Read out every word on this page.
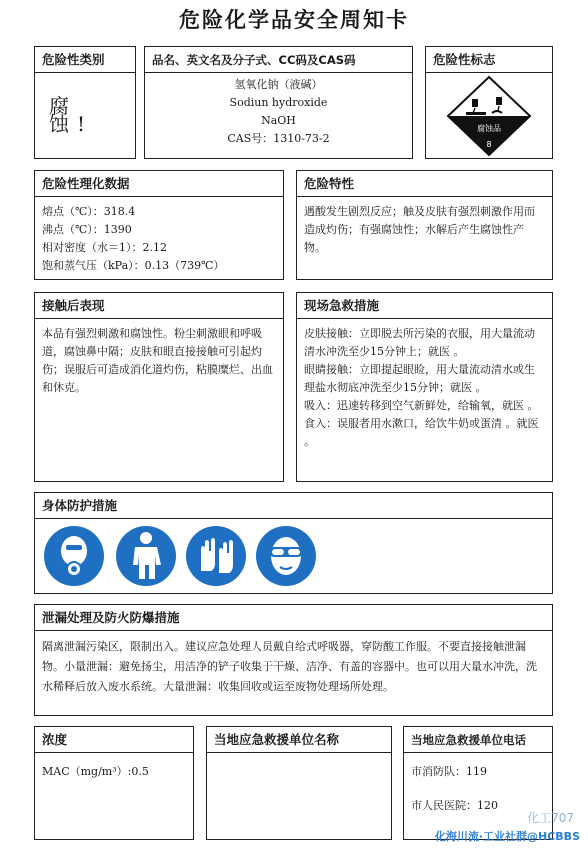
危险化学品安全周知卡
危险性类别
腐 蚀!
品名、英文名及分子式、CC码及CAS码
氢氧化钠（液碱）
Sodiun hydroxide
NaOH
CAS号：1310-73-2
危险性标志
腐蚀品
8
危险性理化数据
熔点（℃）：318.4
沸点（℃）：1390
相对密度（水＝1）：2.12
饱和蒸气压（kPa）：0.13（739℃）
危险特性
遇酸发生剧烈反应；触及皮肤有强烈刺激作用而造成灼伤；有强腐蚀性；水解后产生腐蚀性产物。
接触后表现
本品有强烈刺激和腐蚀性。粉尘刺激眼和呼吸道，腐蚀鼻中隔；皮肤和眼直接接触可引起灼伤；误服后可造成消化道灼伤，粘膜糜烂、出血和休克。
现场急救措施
皮肤接触：立即脱去所污染的衣服，用大量流动清水冲洗至少15分钟上；就医 。
眼睛接触：立即提起眼睑，用大量流动清水或生理盐水彻底冲洗至少15分钟；就医 。
吸入：迅速转移到空气新鲜处，给输氧，就医 。
食入：误服者用水漱口，给饮牛奶或蛋清 。就医 。
身体防护措施
泄漏处理及防火防爆措施
隔离泄漏污染区，限制出入。建议应急处理人员戴自给式呼吸器，穿防酸工作服。不要直接接触泄漏物。小量泄漏：避免扬尘，用洁净的铲子收集于干燥、洁净、有盖的容器中。也可以用大量水冲洗，洗水稀释后放入废水系统。大量泄漏：收集回收或运至废物处理场所处理。
浓度
MAC（mg/m³）:0.5
当地应急救援单位名称	当地应急救援单位电话
市消防队：119
市人民医院：120
化工707
化海川流·工业社群@HCBBS
